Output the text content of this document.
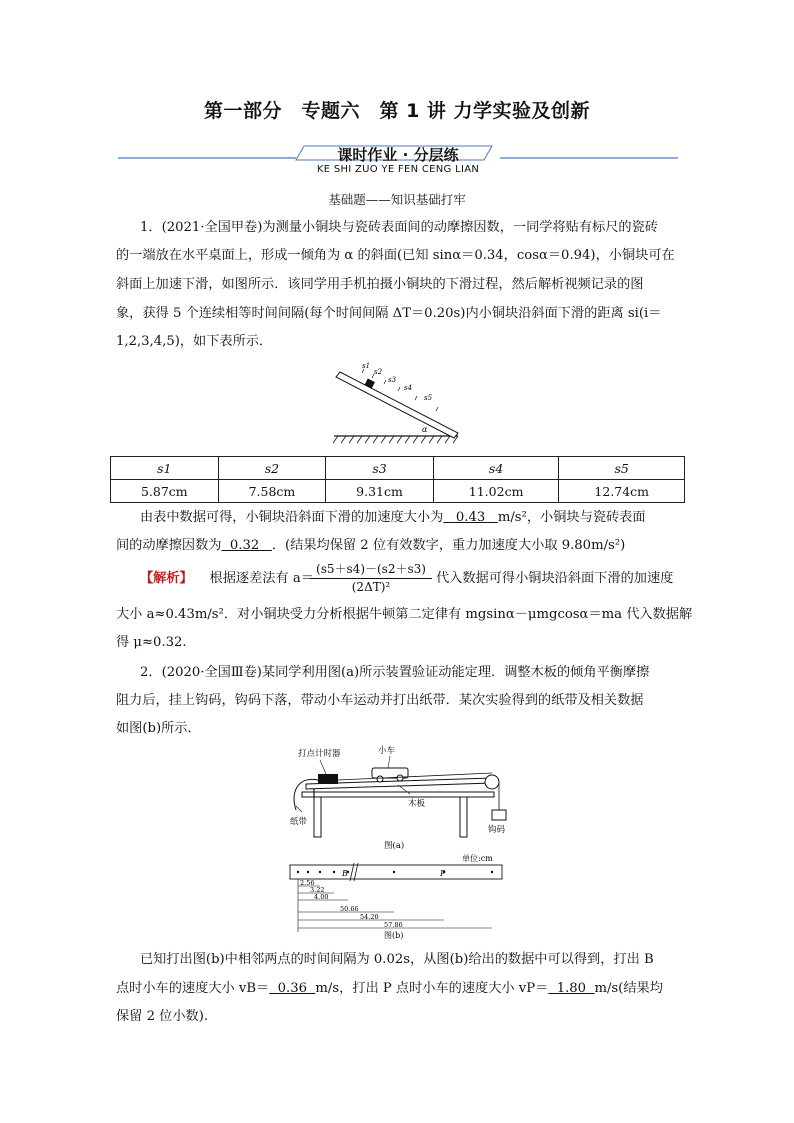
第一部分　专题六　第 1 讲 力学实验及创新
课时作业 · 分层练
KE SHI ZUO YE FEN CENG LIAN
基础题——知识基础打牢
1．(2021·全国甲卷)为测量小铜块与瓷砖表面间的动摩擦因数，一同学将贴有标尺的瓷砖
的一端放在水平桌面上，形成一倾角为 α 的斜面(已知 sinα＝0.34，cosα＝0.94)，小铜块可在
斜面上加速下滑，如图所示．该同学用手机拍摄小铜块的下滑过程，然后解析视频记录的图
象，获得 5 个连续相等时间间隔(每个时间间隔 ΔT＝0.20s)内小铜块沿斜面下滑的距离 si(i＝
1,2,3,4,5)，如下表所示．
s1
s2
s3
s4
s5
α
s1	s2	s3	s4	s5
5.87cm	7.58cm	9.31cm	11.02cm	12.74cm
由表中数据可得，小铜块沿斜面下滑的加速度大小为 0.43 m/s²，小铜块与瓷砖表面
间的动摩擦因数为 0.32 ．(结果均保留 2 位有效数字，重力加速度大小取 9.80m/s²)
【解析】 根据逐差法有 a＝
$\frac{(s5+s4)-(s2+s3)}{\text{(2ΔT)²}}$ 代入数据可得小铜块沿斜面下滑的加速度
大小 a≈0.43m/s²．对小铜块受力分析根据牛顿第二定律有 mgsinα－μmgcosα＝ma 代入数据解
得 μ≈0.32.
2．(2020·全国Ⅲ卷)某同学利用图(a)所示装置验证动能定理．调整木板的倾角平衡摩擦
阻力后，挂上钩码，钩码下落，带动小车运动并打出纸带．某次实验得到的纸带及相关数据
如图(b)所示．
打点计时器	小车
纸带
木板
钩码
图(a)
单位:cm
B	P
2.56
3.22
4.00
50.66
54.20
57.86
图(b)
已知打出图(b)中相邻两点的时间间隔为 0.02s，从图(b)给出的数据中可以得到，打出 B
点时小车的速度大小 vB＝ 0.36 m/s，打出 P 点时小车的速度大小 vP＝ 1.80 m/s(结果均
保留 2 位小数).
